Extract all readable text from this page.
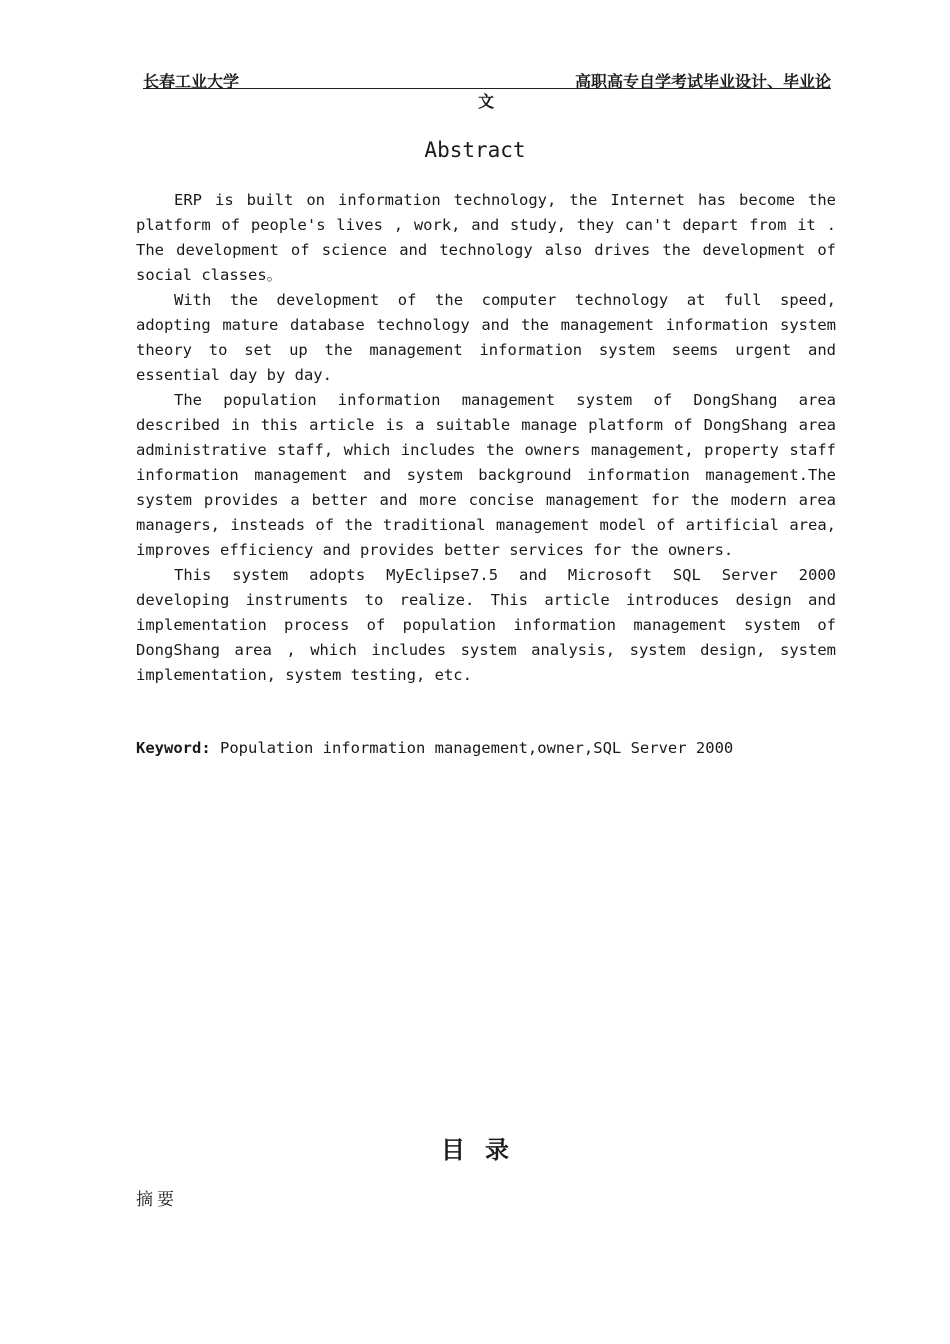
长春工业大学	高职高专自学考试毕业设计、毕业论
文
Abstract

ERP is built on information technology, the Internet has become the platform of people's lives , work, and study, they can't depart from it . The development of science and technology also drives the development of social classes。

With the development of the computer technology at full speed, adopting mature database technology and the management information system theory to set up the management information system seems urgent and essential day by day.

The population information management system of DongShang area described in this article is a suitable manage platform of DongShang area administrative staff, which includes the owners management, property staff information management and system background information management.The system provides a better and more concise management for the modern area managers, insteads of the traditional management model of artificial area, improves efficiency and provides better services for the owners.

This system adopts MyEclipse7.5 and Microsoft SQL Server 2000 developing instruments to realize. This article introduces design and implementation process of population information management system of DongShang area , which includes system analysis, system design, system implementation, system testing, etc.

Keyword: Population information management,owner,SQL Server 2000
目录
摘要
